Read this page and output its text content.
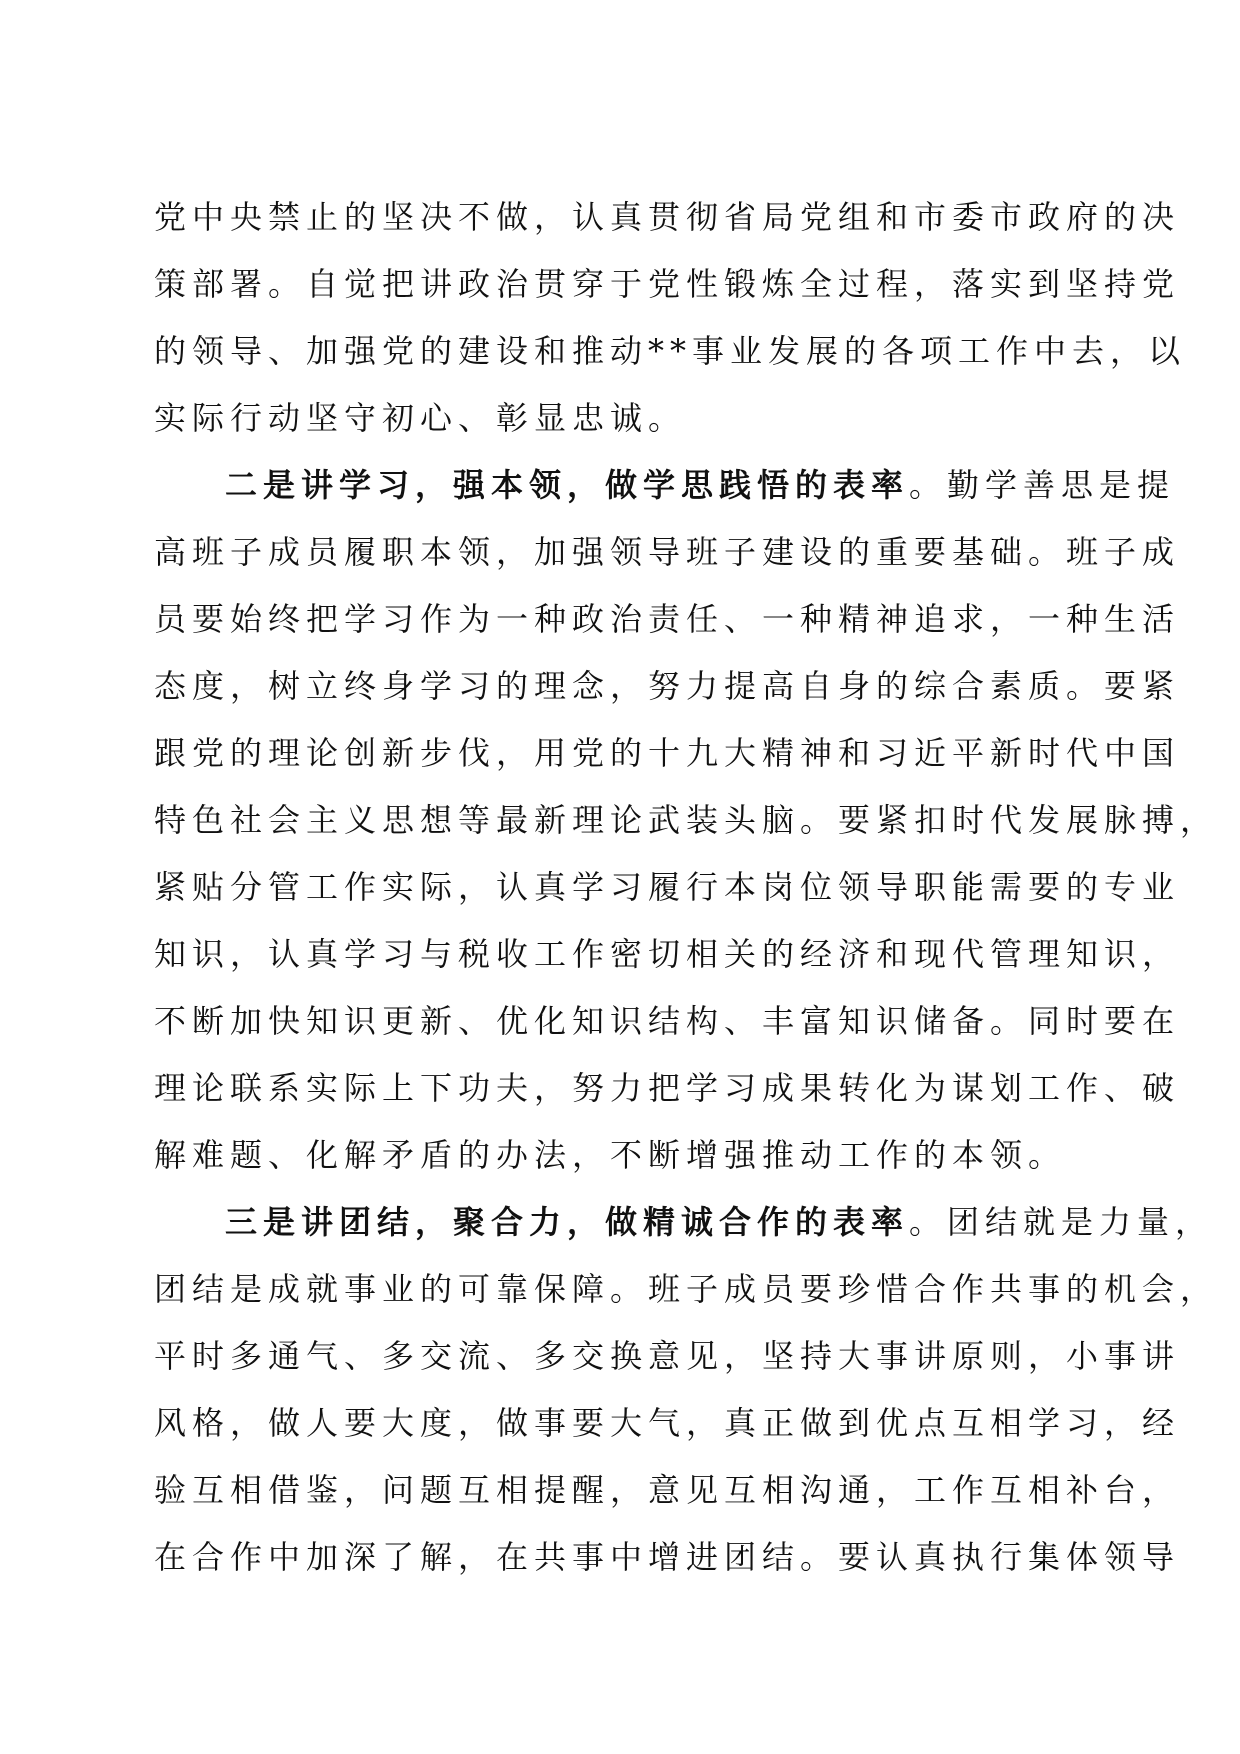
党中央禁止的坚决不做，认真贯彻省局党组和市委市政府的决
策部署。自觉把讲政治贯穿于党性锻炼全过程，落实到坚持党
的领导、加强党的建设和推动**事业发展的各项工作中去，以
实际行动坚守初心、彰显忠诚。
二是讲学习，强本领，做学思践悟的表率。勤学善思是提
高班子成员履职本领，加强领导班子建设的重要基础。班子成
员要始终把学习作为一种政治责任、一种精神追求，一种生活
态度，树立终身学习的理念，努力提高自身的综合素质。要紧
跟党的理论创新步伐，用党的十九大精神和习近平新时代中国
特色社会主义思想等最新理论武装头脑。要紧扣时代发展脉搏，
紧贴分管工作实际，认真学习履行本岗位领导职能需要的专业
知识，认真学习与税收工作密切相关的经济和现代管理知识，
不断加快知识更新、优化知识结构、丰富知识储备。同时要在
理论联系实际上下功夫，努力把学习成果转化为谋划工作、破
解难题、化解矛盾的办法，不断增强推动工作的本领。
三是讲团结，聚合力，做精诚合作的表率。团结就是力量，
团结是成就事业的可靠保障。班子成员要珍惜合作共事的机会，
平时多通气、多交流、多交换意见，坚持大事讲原则，小事讲
风格，做人要大度，做事要大气，真正做到优点互相学习，经
验互相借鉴，问题互相提醒，意见互相沟通，工作互相补台，
在合作中加深了解，在共事中增进团结。要认真执行集体领导
